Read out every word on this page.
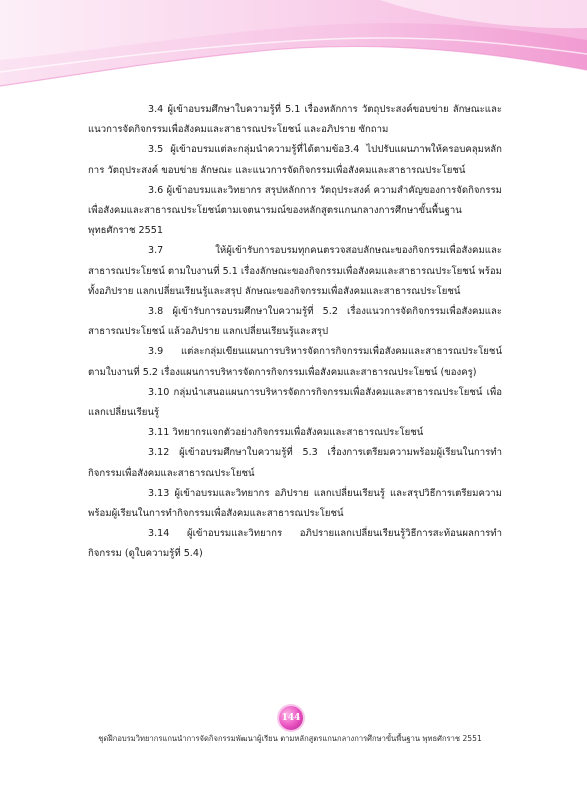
3.4 ผู้เข้าอบรมศึกษาใบความรู้ที่ 5.1 เรื่องหลักการ วัตถุประสงค์ขอบข่าย ลักษณะและแนวการจัดกิจกรรมเพื่อสังคมและสาธารณประโยชน์ และอภิปราย ซักถาม

3.5 ผู้เข้าอบรมแต่ละกลุ่มนำความรู้ที่ได้ตามข้อ3.4 ไปปรับแผนภาพให้ครอบคลุมหลักการ วัตถุประสงค์ ขอบข่าย ลักษณะ และแนวการจัดกิจกรรมเพื่อสังคมและสาธารณประโยชน์

3.6 ผู้เข้าอบรมและวิทยากร สรุปหลักการ วัตถุประสงค์ ความสำคัญของการจัดกิจกรรมเพื่อสังคมและสาธารณประโยชน์ตามเจตนารมณ์ของหลักสูตรแกนกลางการศึกษาขั้นพื้นฐาน พุทธศักราช 2551

3.7 ให้ผู้เข้ารับการอบรมทุกคนตรวจสอบลักษณะของกิจกรรมเพื่อสังคมและสาธารณประโยชน์ ตามใบงานที่ 5.1 เรื่องลักษณะของกิจกรรมเพื่อสังคมและสาธารณประโยชน์ พร้อมทั้งอภิปราย แลกเปลี่ยนเรียนรู้และสรุป ลักษณะของกิจกรรมเพื่อสังคมและสาธารณประโยชน์

3.8 ผู้เข้ารับการอบรมศึกษาใบความรู้ที่ 5.2 เรื่องแนวการจัดกิจกรรมเพื่อสังคมและสาธารณประโยชน์ แล้วอภิปราย แลกเปลี่ยนเรียนรู้และสรุป

3.9 แต่ละกลุ่มเขียนแผนการบริหารจัดการกิจกรรมเพื่อสังคมและสาธารณประโยชน์ ตามใบงานที่ 5.2 เรื่องแผนการบริหารจัดการกิจกรรมเพื่อสังคมและสาธารณประโยชน์ (ของครู)

3.10 กลุ่มนำเสนอแผนการบริหารจัดการกิจกรรมเพื่อสังคมและสาธารณประโยชน์ เพื่อแลกเปลี่ยนเรียนรู้

3.11 วิทยากรแจกตัวอย่างกิจกรรมเพื่อสังคมและสาธารณประโยชน์

3.12 ผู้เข้าอบรมศึกษาใบความรู้ที่ 5.3 เรื่องการเตรียมความพร้อมผู้เรียนในการทำกิจกรรมเพื่อสังคมและสาธารณประโยชน์

3.13 ผู้เข้าอบรมและวิทยากร อภิปราย แลกเปลี่ยนเรียนรู้ และสรุปวิธีการเตรียมความพร้อมผู้เรียนในการทำกิจกรรมเพื่อสังคมและสาธารณประโยชน์

3.14 ผู้เข้าอบรมและวิทยากร อภิปรายแลกเปลี่ยนเรียนรู้วิธีการสะท้อนผลการทำกิจกรรม (ดูใบความรู้ที่ 5.4)

144
ชุดฝึกอบรมวิทยากรแกนนำการจัดกิจกรรมพัฒนาผู้เรียน ตามหลักสูตรแกนกลางการศึกษาขั้นพื้นฐาน พุทธศักราช 2551
